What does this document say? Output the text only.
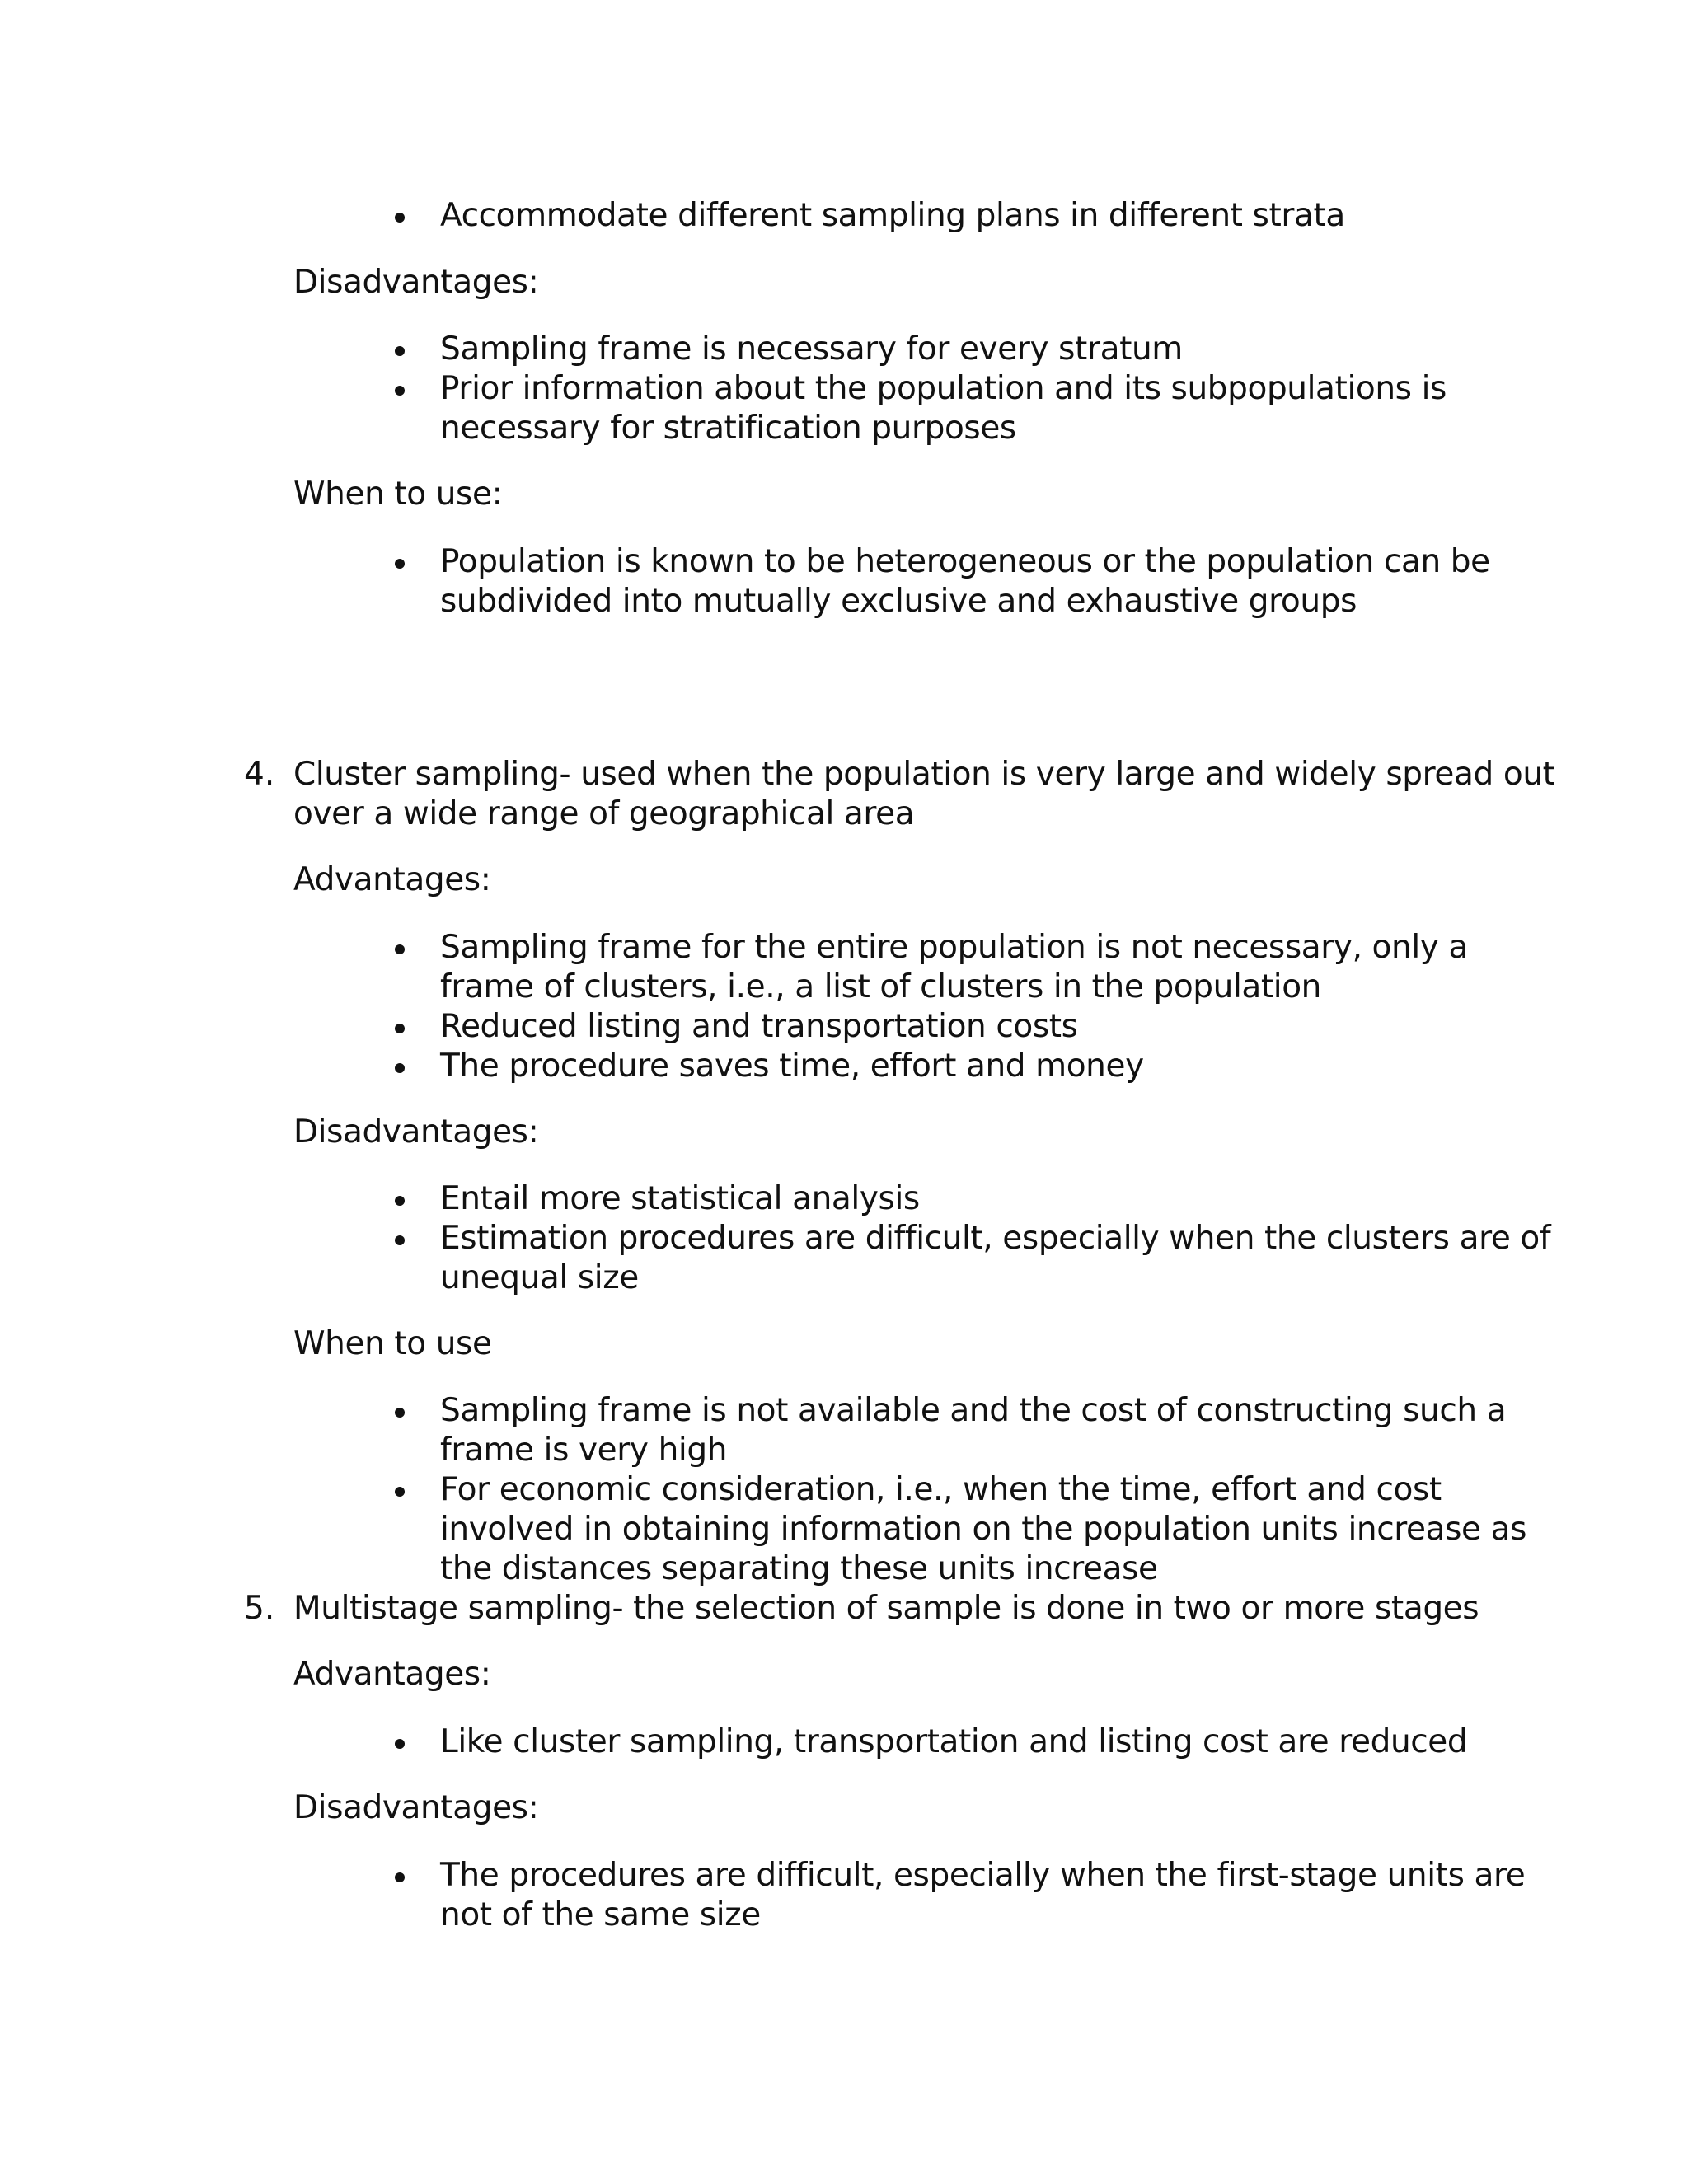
Accommodate different sampling plans in different strata
Disadvantages:
Sampling frame is necessary for every stratum
Prior information about the population and its subpopulations is
necessary for stratification purposes
When to use:
Population is known to be heterogeneous or the population can be
subdivided into mutually exclusive and exhaustive groups
4. Cluster sampling- used when the population is very large and widely spread out
over a wide range of geographical area
Advantages:
Sampling frame for the entire population is not necessary, only a
frame of clusters, i.e., a list of clusters in the population
Reduced listing and transportation costs
The procedure saves time, effort and money
Disadvantages:
Entail more statistical analysis
Estimation procedures are difficult, especially when the clusters are of
unequal size
When to use
Sampling frame is not available and the cost of constructing such a
frame is very high
For economic consideration, i.e., when the time, effort and cost
involved in obtaining information on the population units increase as
the distances separating these units increase
5. Multistage sampling- the selection of sample is done in two or more stages
Advantages:
Like cluster sampling, transportation and listing cost are reduced
Disadvantages:
The procedures are difficult, especially when the first-stage units are
not of the same size
